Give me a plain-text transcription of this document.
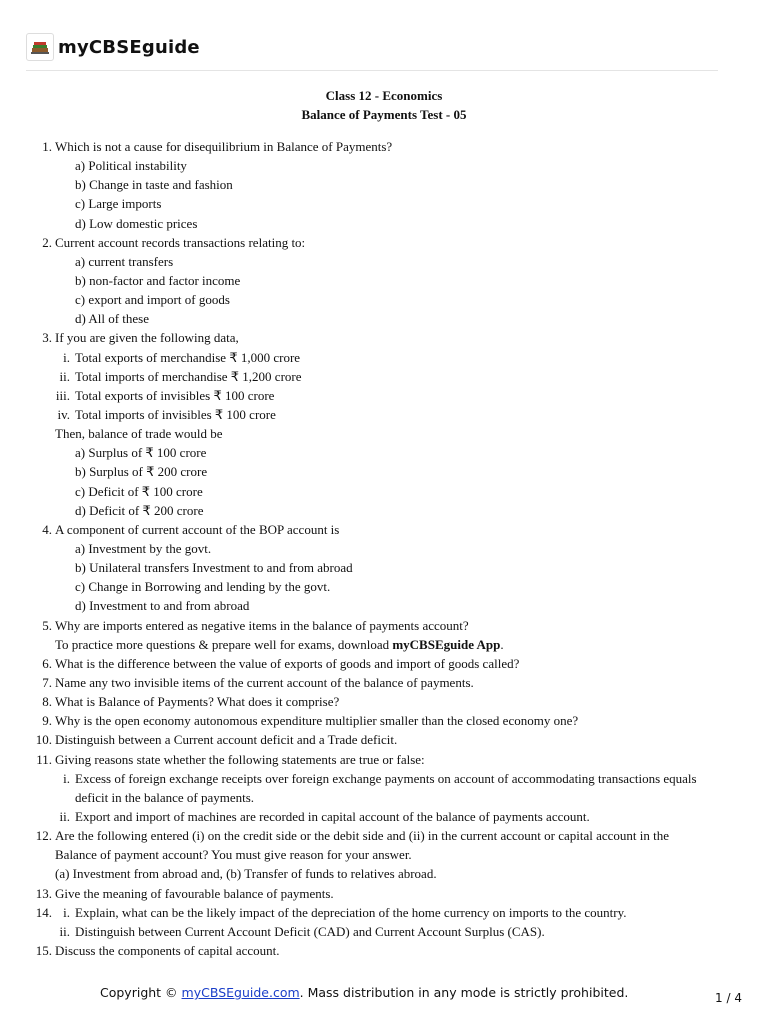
myCBSEguide
Class 12 - Economics
Balance of Payments Test - 05
1. Which is not a cause for disequilibrium in Balance of Payments?
a) Political instability
b) Change in taste and fashion
c) Large imports
d) Low domestic prices
2. Current account records transactions relating to:
a) current transfers
b) non-factor and factor income
c) export and import of goods
d) All of these
3. If you are given the following data,
i. Total exports of merchandise ₹ 1,000 crore
ii. Total imports of merchandise ₹ 1,200 crore
iii. Total exports of invisibles ₹ 100 crore
iv. Total imports of invisibles ₹ 100 crore
Then, balance of trade would be
a) Surplus of ₹ 100 crore
b) Surplus of ₹ 200 crore
c) Deficit of ₹ 100 crore
d) Deficit of ₹ 200 crore
4. A component of current account of the BOP account is
a) Investment by the govt.
b) Unilateral transfers Investment to and from abroad
c) Change in Borrowing and lending by the govt.
d) Investment to and from abroad
5. Why are imports entered as negative items in the balance of payments account?
To practice more questions & prepare well for exams, download myCBSEguide App.
6. What is the difference between the value of exports of goods and import of goods called?
7. Name any two invisible items of the current account of the balance of payments.
8. What is Balance of Payments? What does it comprise?
9. Why is the open economy autonomous expenditure multiplier smaller than the closed economy one?
10. Distinguish between a Current account deficit and a Trade deficit.
11. Giving reasons state whether the following statements are true or false:
i. Excess of foreign exchange receipts over foreign exchange payments on account of accommodating transactions equals deficit in the balance of payments.
ii. Export and import of machines are recorded in capital account of the balance of payments account.
12. Are the following entered (i) on the credit side or the debit side and (ii) in the current account or capital account in the Balance of payment account? You must give reason for your answer.
(a) Investment from abroad and, (b) Transfer of funds to relatives abroad.
13. Give the meaning of favourable balance of payments.
14. i. Explain, what can be the likely impact of the depreciation of the home currency on imports to the country.
ii. Distinguish between Current Account Deficit (CAD) and Current Account Surplus (CAS).
15. Discuss the components of capital account.
Copyright © myCBSEguide.com. Mass distribution in any mode is strictly prohibited.	1 / 4
